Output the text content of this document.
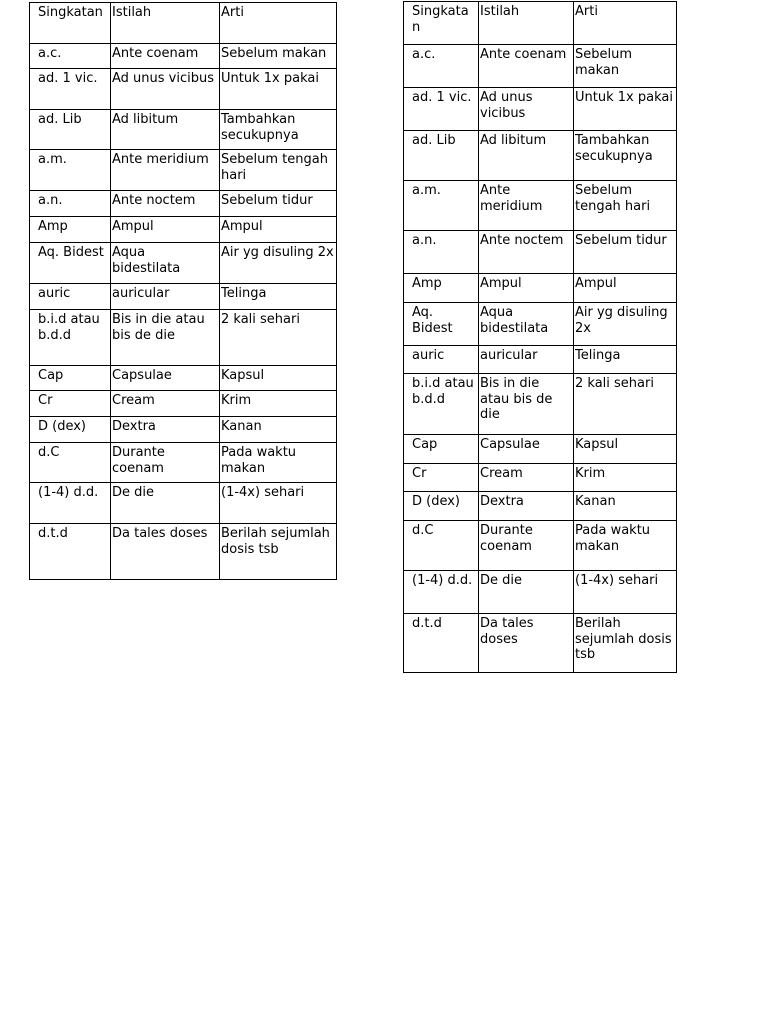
Singkatan	Istilah	Arti
a.c.	Ante coenam	Sebelum makan
ad. 1 vic.	Ad unus vicibus	Untuk 1x pakai
ad. Lib	Ad libitum	Tambahkan secukupnya
a.m.	Ante meridium	Sebelum tengah hari
a.n.	Ante noctem	Sebelum tidur
Amp	Ampul	Ampul
Aq. Bidest	Aqua bidestilata	Air yg disuling 2x
auric	auricular	Telinga
b.i.d atau b.d.d	Bis in die atau bis de die	2 kali sehari
Cap	Capsulae	Kapsul
Cr	Cream	Krim
D (dex)	Dextra	Kanan
d.C	Durante coenam	Pada waktu makan
(1-4) d.d.	De die	(1-4x) sehari
d.t.d	Da tales doses	Berilah sejumlah dosis tsb
Singkatan	Istilah	Arti
a.c.	Ante coenam	Sebelum makan
ad. 1 vic.	Ad unus vicibus	Untuk 1x pakai
ad. Lib	Ad libitum	Tambahkan secukupnya
a.m.	Ante meridium	Sebelum tengah hari
a.n.	Ante noctem	Sebelum tidur
Amp	Ampul	Ampul
Aq. Bidest	Aqua bidestilata	Air yg disuling 2x
auric	auricular	Telinga
b.i.d atau b.d.d	Bis in die atau bis de die	2 kali sehari
Cap	Capsulae	Kapsul
Cr	Cream	Krim
D (dex)	Dextra	Kanan
d.C	Durante coenam	Pada waktu makan
(1-4) d.d.	De die	(1-4x) sehari
d.t.d	Da tales doses	Berilah sejumlah dosis tsb
